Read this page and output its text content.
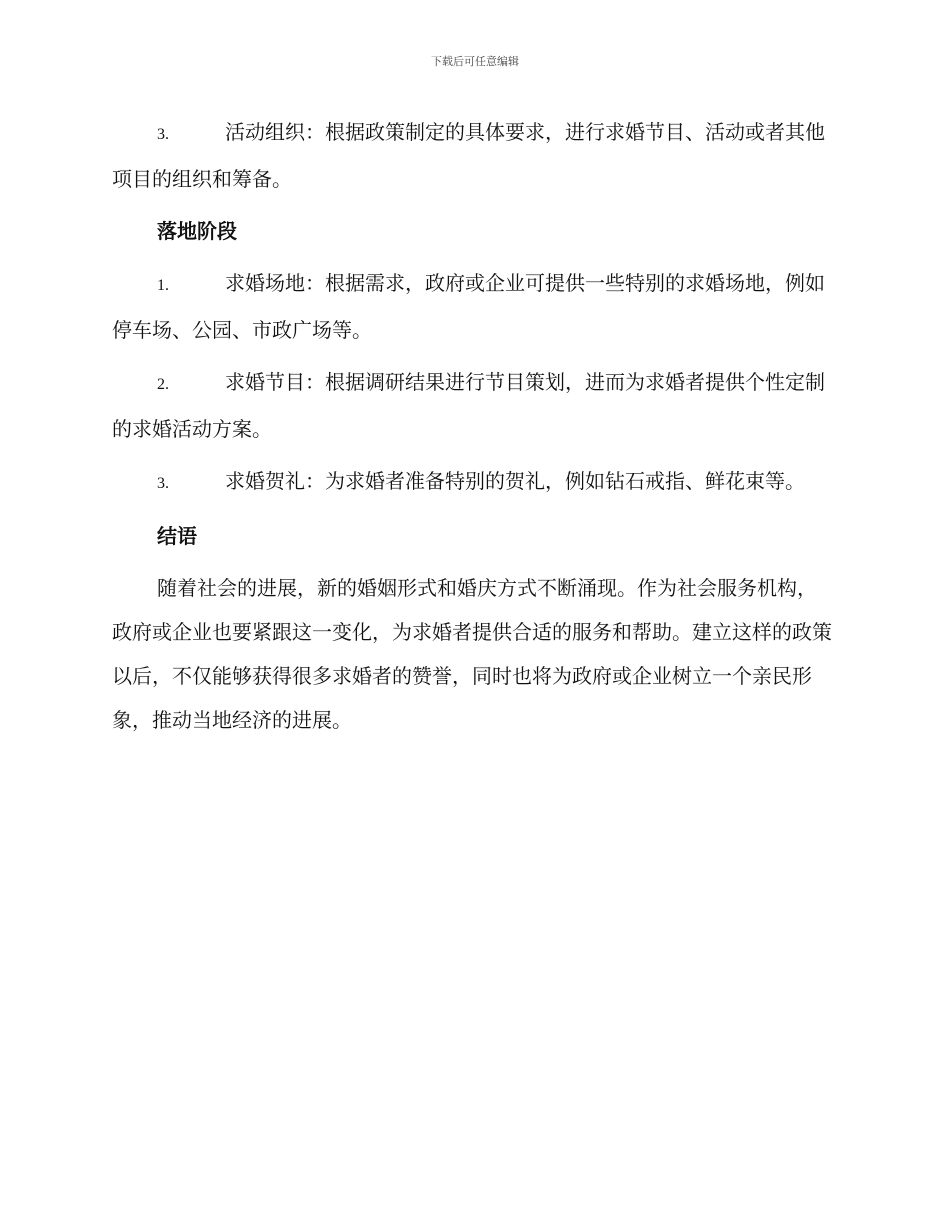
下载后可任意编辑
3.	活动组织：根据政策制定的具体要求，进行求婚节目、活动或者其他项目的组织和筹备。
落地阶段
1.	求婚场地：根据需求，政府或企业可提供一些特别的求婚场地，例如停车场、公园、市政广场等。
2.	求婚节目：根据调研结果进行节目策划，进而为求婚者提供个性定制的求婚活动方案。
3.	求婚贺礼：为求婚者准备特别的贺礼，例如钻石戒指、鲜花束等。
结语

随着社会的进展，新的婚姻形式和婚庆方式不断涌现。作为社会服务机构，政府或企业也要紧跟这一变化，为求婚者提供合适的服务和帮助。建立这样的政策以后，不仅能够获得很多求婚者的赞誉，同时也将为政府或企业树立一个亲民形象，推动当地经济的进展。
